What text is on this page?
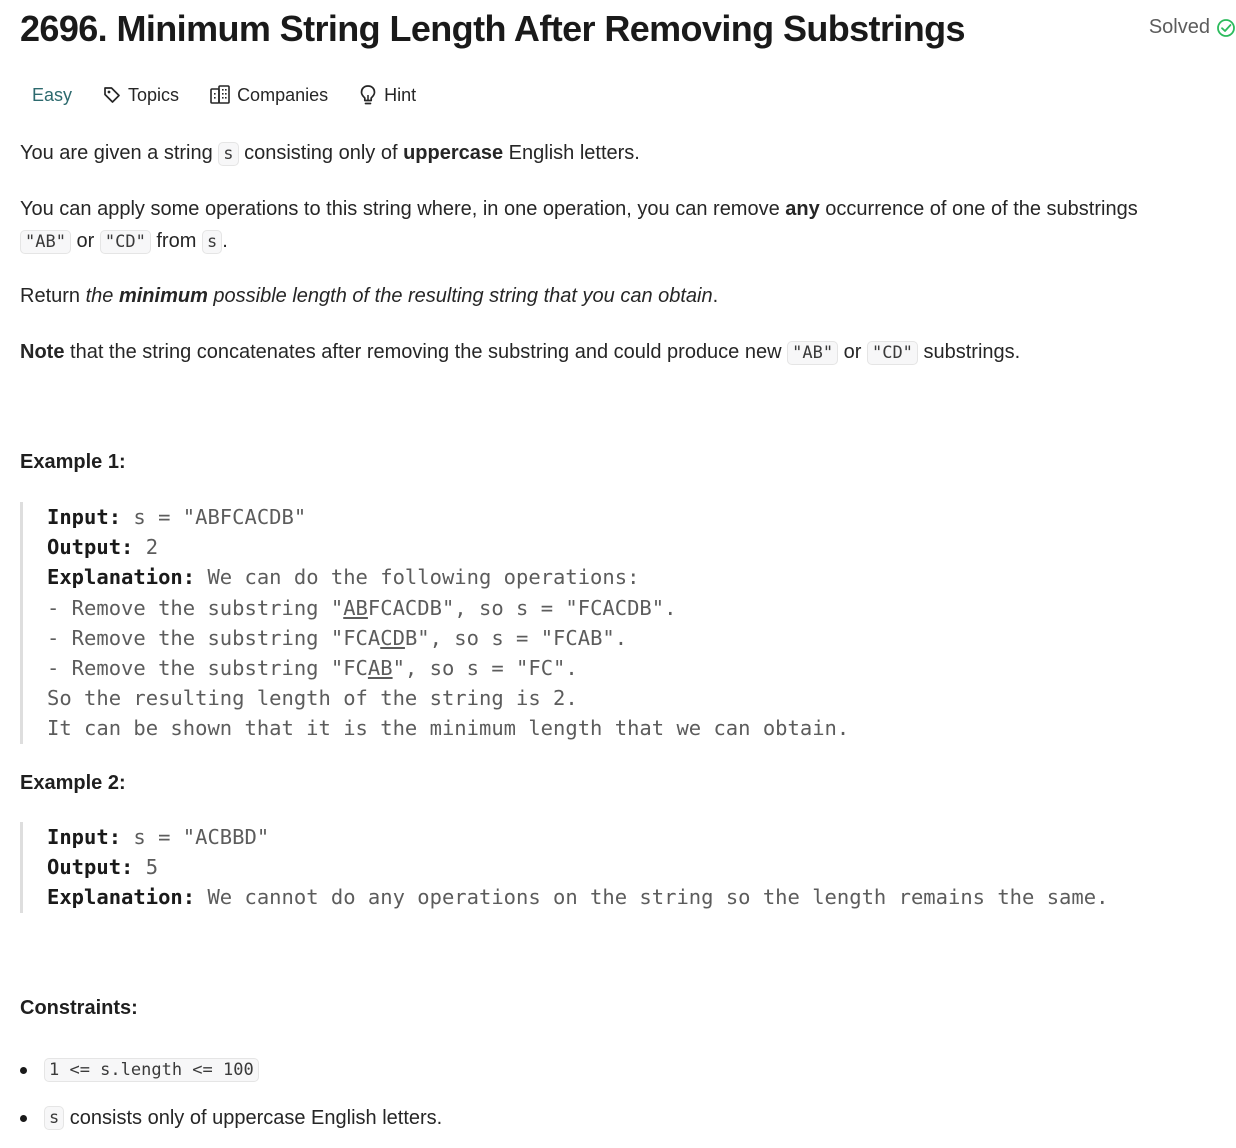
2696. Minimum String Length After Removing Substrings	Solved
Easy	Topics	Companies	Hint
You are given a string s consisting only of uppercase English letters.
You can apply some operations to this string where, in one operation, you can remove any occurrence of one of the substrings "AB" or "CD" from s .
Return the minimum possible length of the resulting string that you can obtain.
Note that the string concatenates after removing the substring and could produce new "AB" or "CD" substrings.
Example 1:
Input: s = "ABFCACDB"
Output: 2
Explanation: We can do the following operations:
- Remove the substring "ABFCACDB", so s = "FCACDB".
- Remove the substring "FCACDB", so s = "FCAB".
- Remove the substring "FCAB", so s = "FC".
So the resulting length of the string is 2.
It can be shown that it is the minimum length that we can obtain.
Example 2:
Input: s = "ACBBD"
Output: 5
Explanation: We cannot do any operations on the string so the length remains the same.
Constraints:
1 <= s.length <= 100
s consists only of uppercase English letters.
